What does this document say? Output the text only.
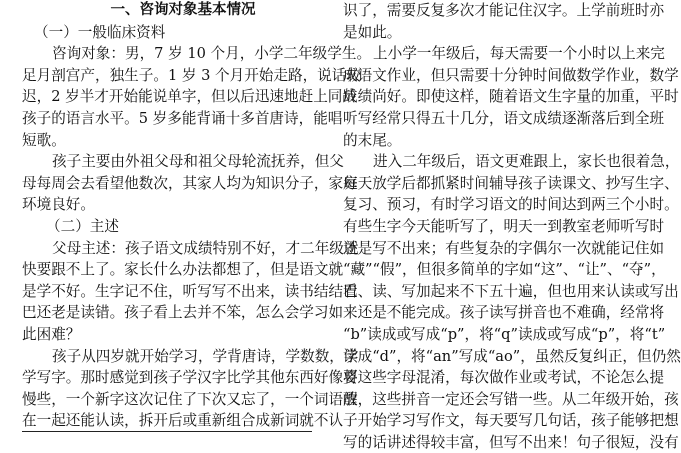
一、咨询对象基本情况
（一）一般临床资料
咨询对象：男，7 岁 10 个月，小学二年级学生。
足月剖宫产，独生子。1 岁 3 个月开始走路，说话较
迟，2 岁半才开始能说单字，但以后迅速地赶上同龄
孩子的语言水平。5 岁多能背诵十多首唐诗，能唱
短歌。
孩子主要由外祖父母和祖父母轮流抚养，但父
母每周会去看望他数次，其家人均为知识分子，家庭
环境良好。
（二）主述
父母主述：孩子语文成绩特别不好，才二年级就
快要跟不上了。家长什么办法都想了，但是语文就
是学不好。生字记不住，听写写不出来，读书结结巴
巴还老是读错。孩子看上去并不笨，怎么会学习如
此困难？
孩子从四岁就开始学习，学背唐诗，学数数，学
学写字。那时感觉到孩子学汉字比学其他东西好像要
慢些，一个新字这次记住了下次又忘了，一个词语放
在一起还能认读，拆开后或重新组合成新词就不认
识了，需要反复多次才能记住汉字。上学前班时亦
是如此。
上小学一年级后，每天需要一个小时以上来完
成语文作业，但只需要十分钟时间做数学作业，数学
成绩尚好。即使这样，随着语文生字量的加重，平时
听写经常只得五十几分，语文成绩逐渐落后到全班
的末尾。
进入二年级后，语文更难跟上，家长也很着急，
每天放学后都抓紧时间辅导孩子读课文、抄写生字、
复习、预习，有时学习语文的时间达到两三个小时。
有些生字今天能听写了，明天一到教室老师听写时
还是写不出来；有些复杂的字偶尔一次就能记住如
“藏”“假”，但很多简单的字如“这”、“让”、“夺”，
看、读、写加起来不下五十遍，但也用来认读或写出
来还是不能完成。孩子读写拼音也不难确，经常将
“b”读成或写成“p”，将“q”读成或写成“p”，将“t”
读成“d”，将“an”写成“ao”，虽然反复纠正，但仍然
将这些字母混淆，每次做作业或考试，不论怎么提
醒，这些拼音一定还会写错一些。从二年级开始，孩
子开始学习写作文，每天要写几句话，孩子能够把想
写的话讲述得较丰富，但写不出来！句子很短，没有
